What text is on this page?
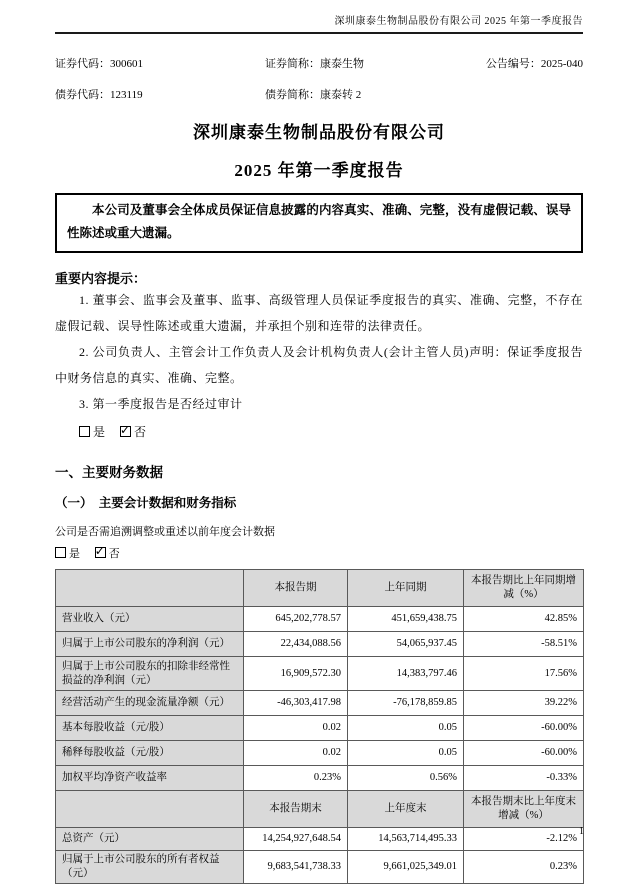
深圳康泰生物制品股份有限公司 2025 年第一季度报告
证券代码：300601	证券简称：康泰生物	公告编号：2025-040
债券代码：123119	债券简称：康泰转 2
深圳康泰生物制品股份有限公司
2025 年第一季度报告

本公司及董事会全体成员保证信息披露的内容真实、准确、完整，没有虚假记载、误导性陈述或重大遗漏。

重要内容提示：

1. 董事会、监事会及董事、监事、高级管理人员保证季度报告的真实、准确、完整，不存在虚假记载、误导性陈述或重大遗漏，并承担个别和连带的法律责任。

2. 公司负责人、主管会计工作负责人及会计机构负责人(会计主管人员)声明：保证季度报告中财务信息的真实、准确、完整。

3. 第一季度报告是否经过审计

是 ✓ 否
一、主要财务数据
（一）　主要会计数据和财务指标
公司是否需追溯调整或重述以前年度会计数据
是 ✓	否
	本报告期	上年同期	本报告期比上年同期增减（%）
营业收入（元）	645,202,778.57	451,659,438.75	42.85%
归属于上市公司股东的净利润（元）	22,434,088.56	54,065,937.45	-58.51%
归属于上市公司股东的扣除非经常性损益的净利润（元）	16,909,572.30	14,383,797.46	17.56%
经营活动产生的现金流量净额（元）	-46,303,417.98	-76,178,859.85	39.22%
基本每股收益（元/股）	0.02	0.05	-60.00%
稀释每股收益（元/股）	0.02	0.05	-60.00%
加权平均净资产收益率	0.23%	0.56%	-0.33%
	本报告期末	上年度末	本报告期末比上年度末增减（%）
总资产（元）	14,254,927,648.54	14,563,714,495.33	-2.12%
归属于上市公司股东的所有者权益（元）	9,683,541,738.33	9,661,025,349.01	0.23%
1
